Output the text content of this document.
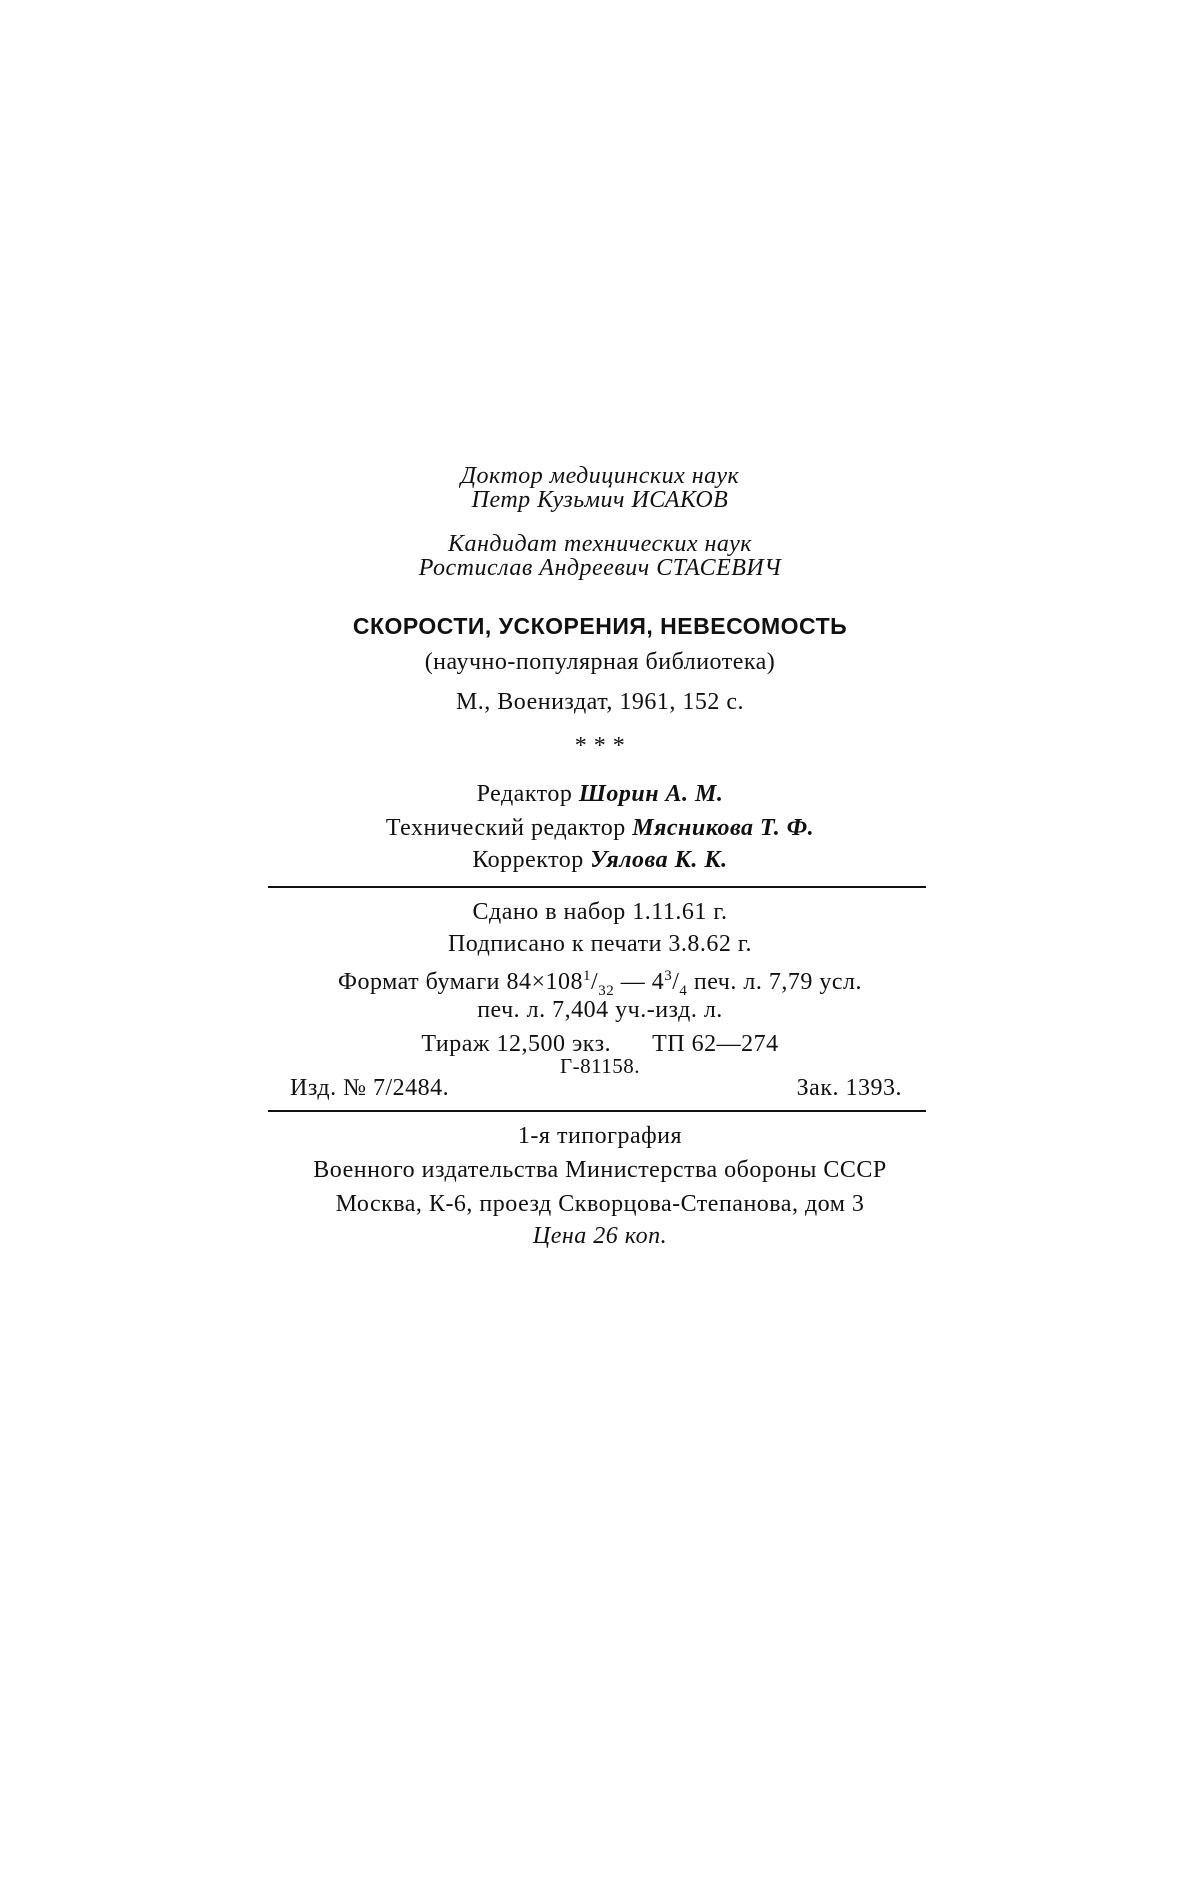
Доктор медицинских наук
Петр Кузьмич ИСАКОВ
Кандидат технических наук
Ростислав Андреевич СТАСЕВИЧ
СКОРОСТИ, УСКОРЕНИЯ, НЕВЕСОМОСТЬ
(научно-популярная библиотека)
М., Воениздат, 1961, 152 с.
* * *
Редактор Шорин А. М.
Технический редактор Мясникова Т. Ф.
Корректор Уялова К. К.
Сдано в набор 1.11.61 г.
Подписано к печати 3.8.62 г.
Формат бумаги $84\times 108^1/_{32}$ — $4^3/_4$ печ. л. 7,79 усл.
печ. л. 7,404 уч.-изд. л.
Тираж 12,500 экз. ТП 62—274
Г-81158.
Изд. № 7/2484.	Зак. 1393.
1-я типография
Военного издательства Министерства обороны СССР
Москва, К-6, проезд Скворцова-Степанова, дом 3
Цена 26 коп.
